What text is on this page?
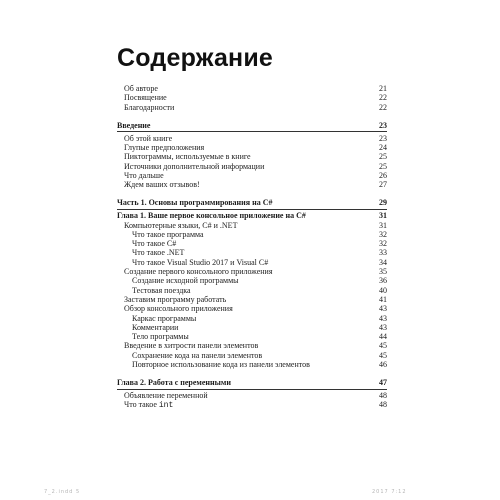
Содержание
Об авторе	21
Посвящение	22
Благодарности	22
Введение	23
Об этой книге	23
Глупые предположения	24
Пиктограммы, используемые в книге	25
Источники дополнительной информации	25
Что дальше	26
Ждем ваших отзывов!	27
Часть 1. Основы программирования на C#	29
Глава 1. Ваше первое консольное приложение на C#	31
Компьютерные языки, C# и .NET	31
Что такое программа	32
Что такое C#	32
Что такое .NET	33
Что такое Visual Studio 2017 и Visual C#	34
Создание первого консольного приложения	35
Создание исходной программы	36
Тестовая поездка	40
Заставим программу работать	41
Обзор консольного приложения	43
Каркас программы	43
Комментарии	43
Тело программы	44
Введение в хитрости панели элементов	45
Сохранение кода на панели элементов	45
Повторное использование кода из панели элементов	46
Глава 2. Работа с переменными	47
Объявление переменной	48
Что такое int	48
7_2.indd 5	2017 7:12
